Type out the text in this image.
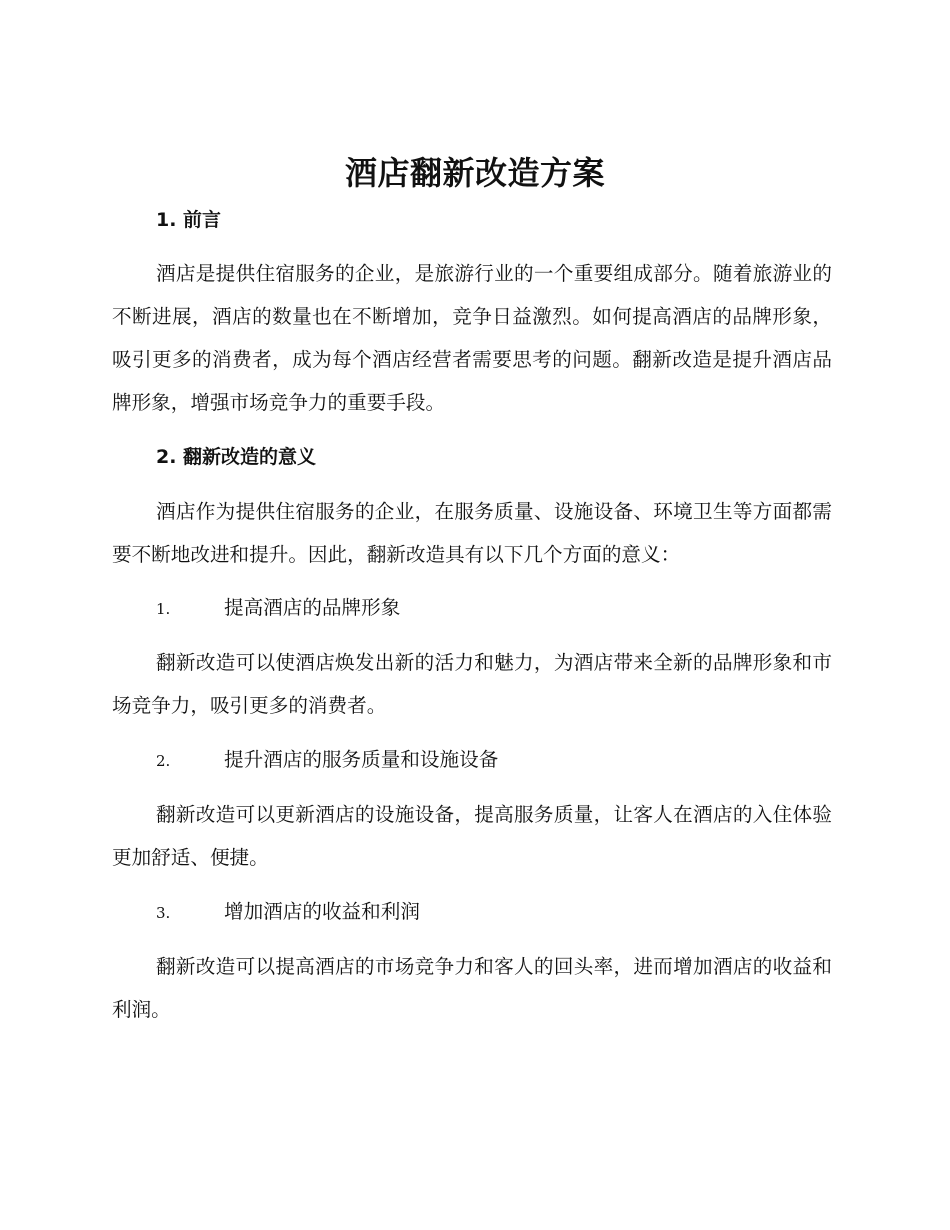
酒店翻新改造方案
1. 前言

酒店是提供住宿服务的企业，是旅游行业的一个重要组成部分。随着旅游业的不断进展，酒店的数量也在不断增加，竞争日益激烈。如何提高酒店的品牌形象，吸引更多的消费者，成为每个酒店经营者需要思考的问题。翻新改造是提升酒店品牌形象，增强市场竞争力的重要手段。

2. 翻新改造的意义

酒店作为提供住宿服务的企业，在服务质量、设施设备、环境卫生等方面都需要不断地改进和提升。因此，翻新改造具有以下几个方面的意义：

1.	提高酒店的品牌形象

翻新改造可以使酒店焕发出新的活力和魅力，为酒店带来全新的品牌形象和市场竞争力，吸引更多的消费者。

2.	提升酒店的服务质量和设施设备

翻新改造可以更新酒店的设施设备，提高服务质量，让客人在酒店的入住体验更加舒适、便捷。

3.	增加酒店的收益和利润

翻新改造可以提高酒店的市场竞争力和客人的回头率，进而增加酒店的收益和利润。
